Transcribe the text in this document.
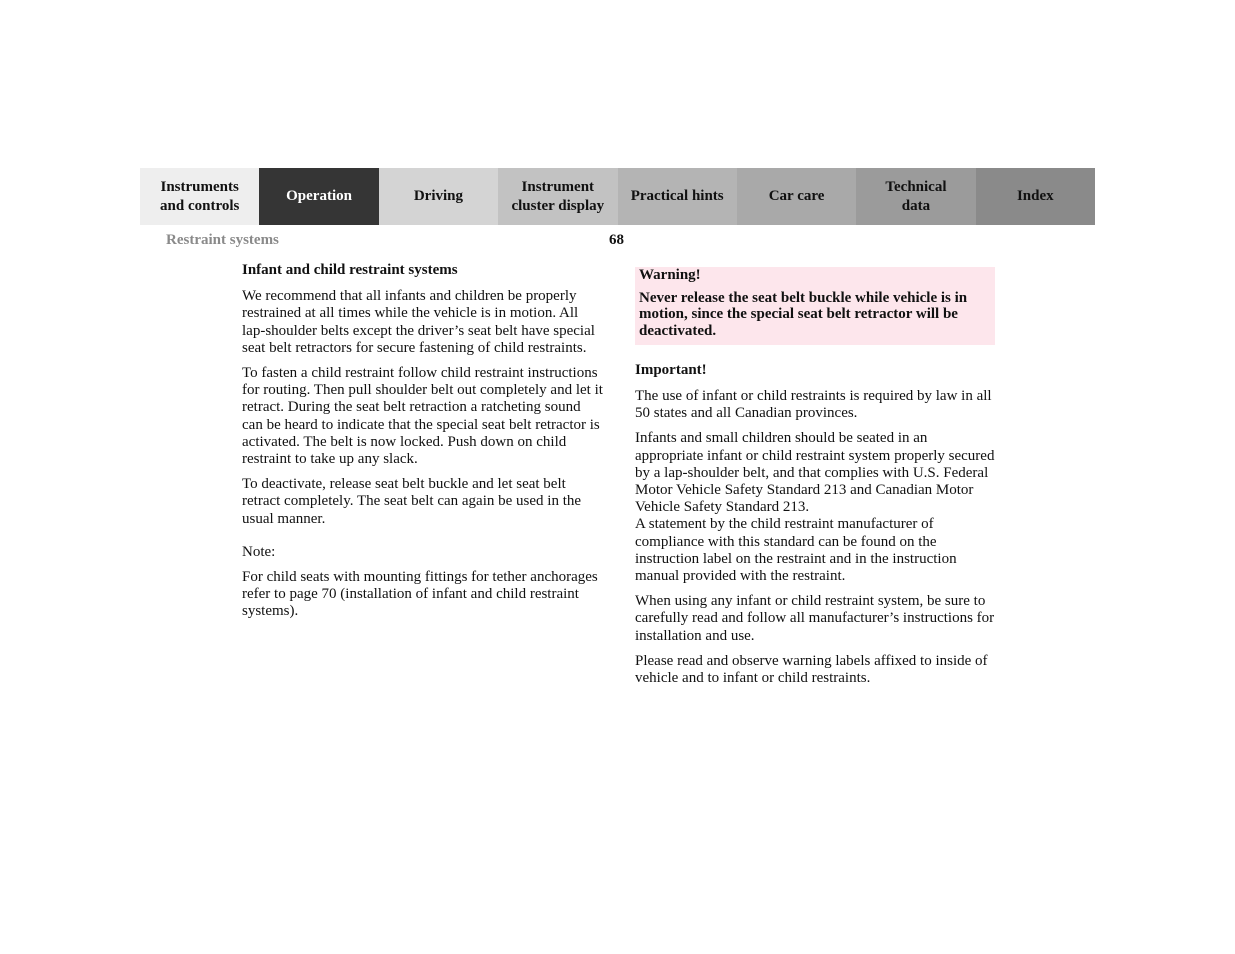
Instruments
and controls
Operation	Driving
Instrument
cluster display
Practical hints	Car care
Technical
data
Index
Restraint systems	68
Infant and child restraint systems

We recommend that all infants and children be properly restrained at all times while the vehicle is in motion. All lap-shoulder belts except the driver’s seat belt have special seat belt retractors for secure fastening of child restraints.

To fasten a child restraint follow child restraint instructions for routing. Then pull shoulder belt out completely and let it retract. During the seat belt retraction a ratcheting sound can be heard to indicate that the special seat belt retractor is activated. The belt is now locked. Push down on child restraint to take up any slack.

To deactivate, release seat belt buckle and let seat belt retract completely. The seat belt can again be used in the usual manner.

Note:

For child seats with mounting fittings for tether anchorages refer to page 70 (installation of infant and child restraint systems).

Warning!
Never release the seat belt buckle while vehicle is in motion, since the special seat belt retractor will be deactivated.
Important!

The use of infant or child restraints is required by law in all 50 states and all Canadian provinces.

Infants and small children should be seated in an appropriate infant or child restraint system properly secured by a lap-shoulder belt, and that complies with U.S. Federal Motor Vehicle Safety Standard 213 and Canadian Motor Vehicle Safety Standard 213.

A statement by the child restraint manufacturer of compliance with this standard can be found on the instruction label on the restraint and in the instruction manual provided with the restraint.

When using any infant or child restraint system, be sure to carefully read and follow all manufacturer’s instructions for installation and use.

Please read and observe warning labels affixed to inside of vehicle and to infant or child restraints.
